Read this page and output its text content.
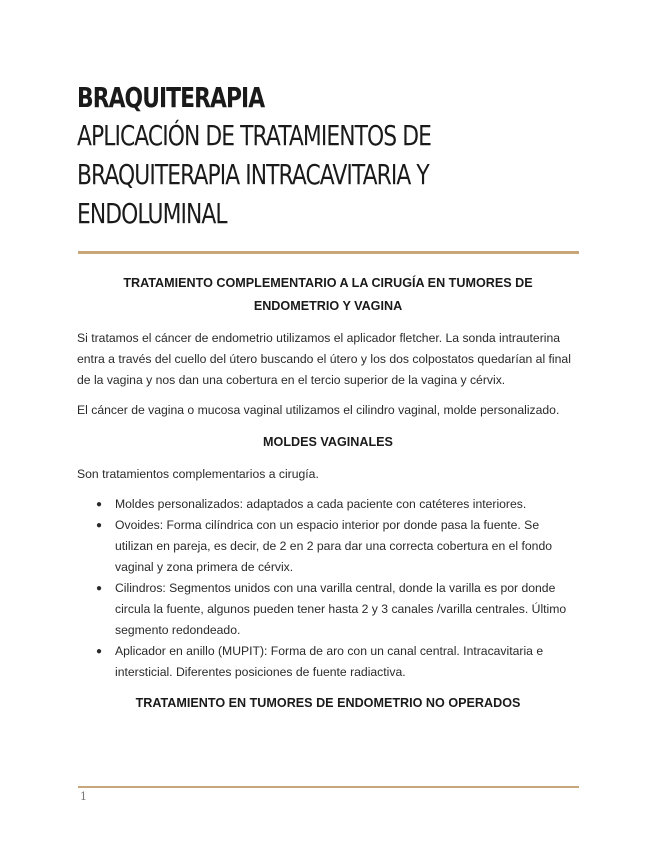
BRAQUITERAPIA
APLICACIÓN DE TRATAMIENTOS DE BRAQUITERAPIA INTRACAVITARIA Y ENDOLUMINAL
TRATAMIENTO COMPLEMENTARIO A LA CIRUGÍA EN TUMORES DE ENDOMETRIO Y VAGINA

Si tratamos el cáncer de endometrio utilizamos el aplicador fletcher. La sonda intrauterina entra a través del cuello del útero buscando el útero y los dos colpostatos quedarían al final de la vagina y nos dan una cobertura en el tercio superior de la vagina y cérvix.

El cáncer de vagina o mucosa vaginal utilizamos el cilindro vaginal, molde personalizado.

MOLDES VAGINALES

Son tratamientos complementarios a cirugía.

● Moldes personalizados: adaptados a cada paciente con catéteres interiores.
● Ovoides: Forma cilíndrica con un espacio interior por donde pasa la fuente. Se utilizan en pareja, es decir, de 2 en 2 para dar una correcta cobertura en el fondo vaginal y zona primera de cérvix.
● Cilindros: Segmentos unidos con una varilla central, donde la varilla es por donde circula la fuente, algunos pueden tener hasta 2 y 3 canales /varilla centrales. Último segmento redondeado.
● Aplicador en anillo (MUPIT): Forma de aro con un canal central. Intracavitaria e intersticial. Diferentes posiciones de fuente radiactiva.
TRATAMIENTO EN TUMORES DE ENDOMETRIO NO OPERADOS
1
